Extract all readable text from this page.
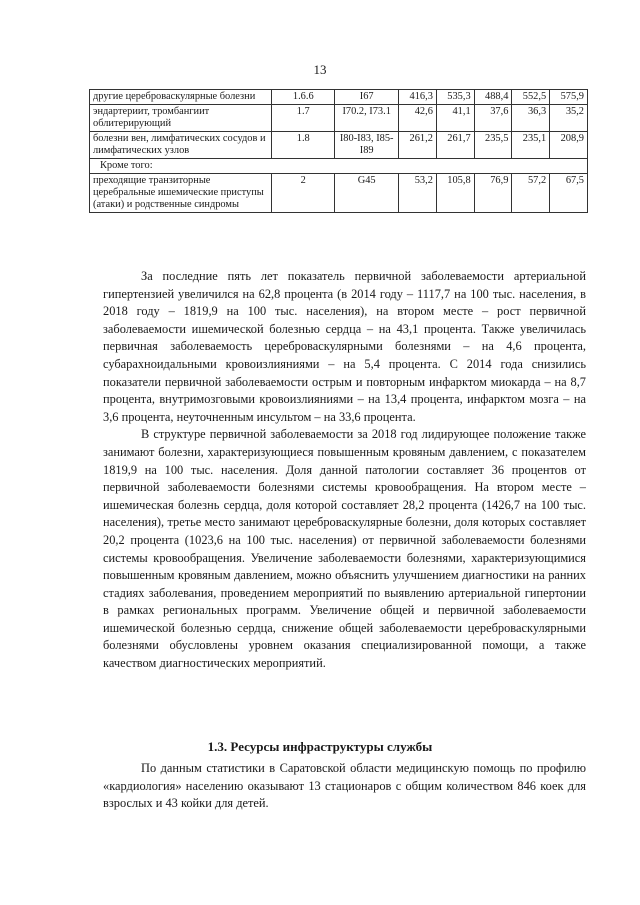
13
другие цереброваскулярные болезни	1.6.6	I67	416,3	535,3	488,4	552,5	575,9
эндартериит, тромбангиит облитерирующий	1.7	I70.2, I73.1	42,6	41,1	37,6	36,3	35,2
болезни вен, лимфатических сосудов и лимфатических узлов	1.8	I80-I83, I85-I89	261,2	261,7	235,5	235,1	208,9
Кроме того:							
преходящие транзиторные церебральные ишемические приступы (атаки) и родственные синдромы	2	G45	53,2	105,8	76,9	57,2	67,5

За последние пять лет показатель первичной заболеваемости артериальной гипертензией увеличился на 62,8 процента (в 2014 году – 1117,7 на 100 тыс. населения, в 2018 году – 1819,9 на 100 тыс. населения), на втором месте – рост первичной заболеваемости ишемической болезнью сердца – на 43,1 процента. Также увеличилась первичная заболеваемость цереброваскулярными болезнями – на 4,6 процента, субарахноидальными кровоизлияниями – на 5,4 процента. С 2014 года снизились показатели первичной заболеваемости острым и повторным инфарктом миокарда – на 8,7 процента, внутримозговыми кровоизлияниями – на 13,4 процента, инфарктом мозга – на 3,6 процента, неуточненным инсультом – на 33,6 процента.

В структуре первичной заболеваемости за 2018 год лидирующее положение также занимают болезни, характеризующиеся повышенным кровяным давлением, с показателем 1819,9 на 100 тыс. населения. Доля данной патологии составляет 36 процентов от первичной заболеваемости болезнями системы кровообращения. На втором месте – ишемическая болезнь сердца, доля которой составляет 28,2 процента (1426,7 на 100 тыс. населения), третье место занимают цереброваскулярные болезни, доля которых составляет 20,2 процента (1023,6 на 100 тыс. населения) от первичной заболеваемости болезнями системы кровообращения. Увеличение заболеваемости болезнями, характеризующимися повышенным кровяным давлением, можно объяснить улучшением диагностики на ранних стадиях заболевания, проведением мероприятий по выявлению артериальной гипертонии в рамках региональных программ. Увеличение общей и первичной заболеваемости ишемической болезнью сердца, снижение общей заболеваемости цереброваскулярными болезнями обусловлены уровнем оказания специализированной помощи, а также качеством диагностических мероприятий.

1.3. Ресурсы инфраструктуры службы

По данным статистики в Саратовской области медицинскую помощь по профилю «кардиология» населению оказывают 13 стационаров с общим количеством 846 коек для взрослых и 43 койки для детей.
